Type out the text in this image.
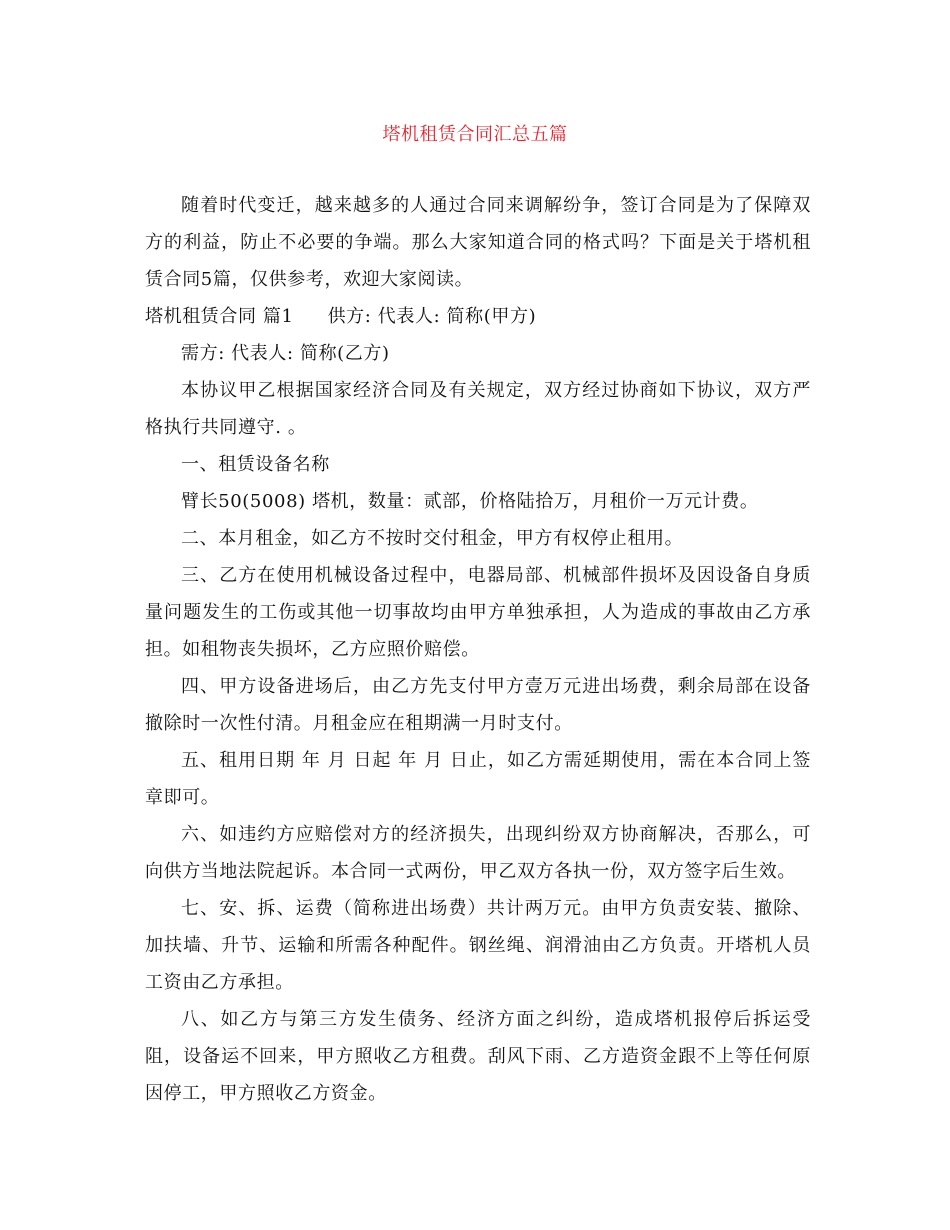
塔机租赁合同汇总五篇

随着时代变迁，越来越多的人通过合同来调解纷争，签订合同是为了保障双方的利益，防止不必要的争端。那么大家知道合同的格式吗？下面是关于塔机租赁合同5篇，仅供参考，欢迎大家阅读。

塔机租赁合同 篇1 供方: 代表人: 简称(甲方)

需方: 代表人: 简称(乙方)

本协议甲乙根据国家经济合同及有关规定，双方经过协商如下协议，双方严格执行共同遵守. 。

一、租赁设备名称

臂长50(5008) 塔机，数量：贰部，价格陆拾万，月租价一万元计费。

二、本月租金，如乙方不按时交付租金，甲方有权停止租用。

三、乙方在使用机械设备过程中，电器局部、机械部件损坏及因设备自身质量问题发生的工伤或其他一切事故均由甲方单独承担，人为造成的事故由乙方承担。如租物丧失损坏，乙方应照价赔偿。

四、甲方设备进场后，由乙方先支付甲方壹万元进出场费，剩余局部在设备撤除时一次性付清。月租金应在租期满一月时支付。

五、租用日期 年 月 日起 年 月 日止，如乙方需延期使用，需在本合同上签章即可。

六、如违约方应赔偿对方的经济损失，出现纠纷双方协商解决，否那么，可向供方当地法院起诉。本合同一式两份，甲乙双方各执一份，双方签字后生效。

七、安、拆、运费（简称进出场费）共计两万元。由甲方负责安装、撤除、加扶墙、升节、运输和所需各种配件。钢丝绳、润滑油由乙方负责。开塔机人员工资由乙方承担。

八、如乙方与第三方发生债务、经济方面之纠纷，造成塔机报停后拆运受阻，设备运不回来，甲方照收乙方租费。刮风下雨、乙方造资金跟不上等任何原因停工，甲方照收乙方资金。
